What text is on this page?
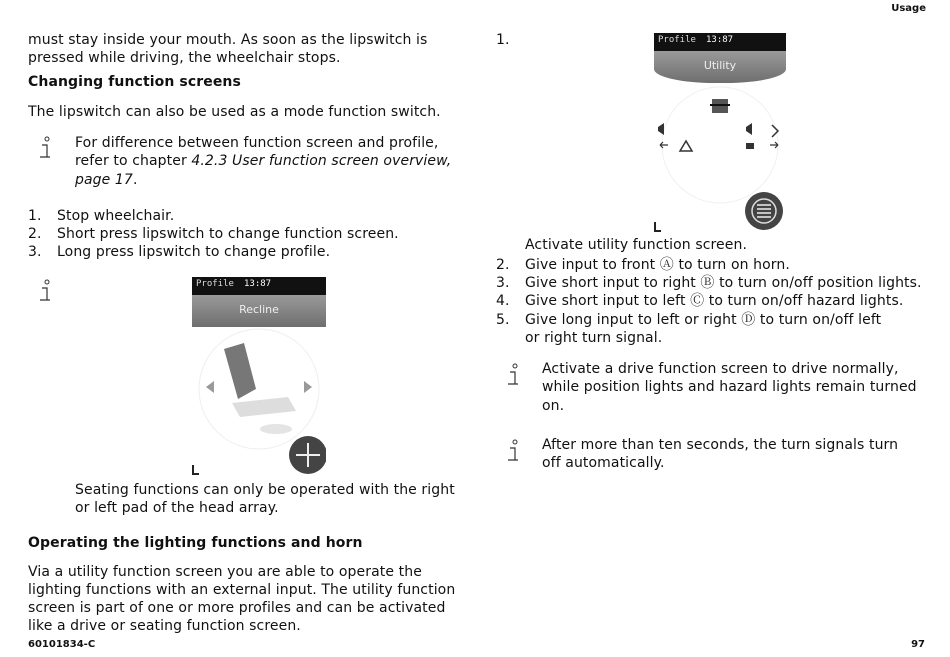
Usage
60101834-C	97
must stay inside your mouth. As soon as the lipswitch is
pressed while driving, the wheelchair stops.
Changing function screens
The lipswitch can also be used as a mode function switch.
For difference between function screen and profile,
refer to chapter 4.2.3 User function screen overview,
page 17.
1. Stop wheelchair.
2. Short press lipswitch to change function screen.
3. Long press lipswitch to change profile.
Profile 13:87
Recline
Seating functions can only be operated with the right
or left pad of the head array.
Operating the lighting functions and horn
Via a utility function screen you are able to operate the
lighting functions with an external input. The utility function
screen is part of one or more profiles and can be activated
like a drive or seating function screen.
1.	Profile 13:87
Utility
Activate utility function screen.
2. Give input to front Ⓐ to turn on horn.
3. Give short input to right Ⓑ to turn on/off position lights.
4. Give short input to left Ⓒ to turn on/off hazard lights.
5. Give long input to left or right Ⓓ to turn on/off left
or right turn signal.
Activate a drive function screen to drive normally,
while position lights and hazard lights remain turned
on.
After more than ten seconds, the turn signals turn
off automatically.
